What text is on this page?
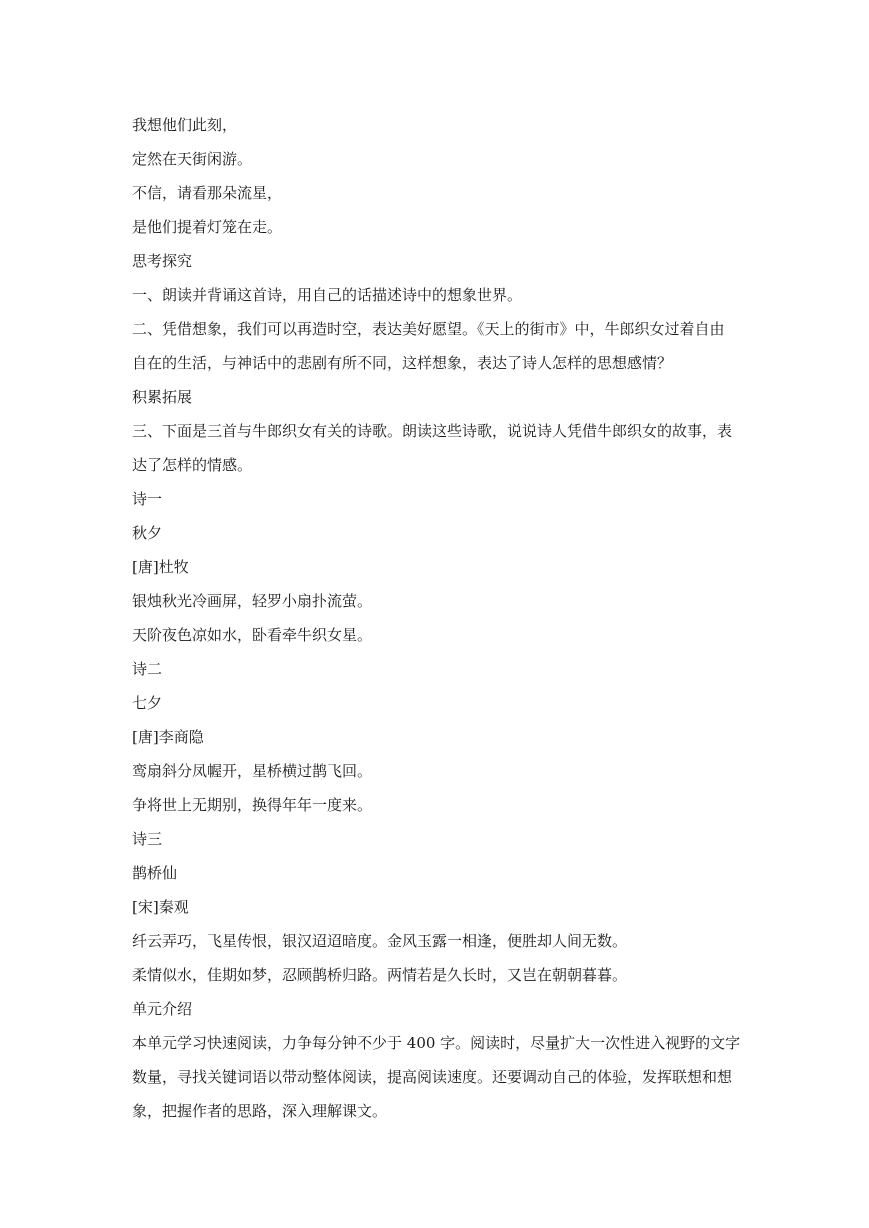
我想他们此刻，

定然在天街闲游。

不信，请看那朵流星，

是他们提着灯笼在走。

思考探究

一、朗读并背诵这首诗，用自己的话描述诗中的想象世界。

二、凭借想象，我们可以再造时空，表达美好愿望。《天上的街市》中，牛郎织女过着自由

自在的生活，与神话中的悲剧有所不同，这样想象，表达了诗人怎样的思想感情？

积累拓展

三、下面是三首与牛郎织女有关的诗歌。朗读这些诗歌，说说诗人凭借牛郎织女的故事，表

达了怎样的情感。

诗一

秋夕

[唐]杜牧

银烛秋光冷画屏，轻罗小扇扑流萤。

天阶夜色凉如水，卧看牵牛织女星。

诗二

七夕

[唐]李商隐

鸾扇斜分凤幄开，星桥横过鹊飞回。

争将世上无期别，换得年年一度来。

诗三

鹊桥仙

[宋]秦观

纤云弄巧，飞星传恨，银汉迢迢暗度。金风玉露一相逢，便胜却人间无数。

柔情似水，佳期如梦，忍顾鹊桥归路。两情若是久长时，又岂在朝朝暮暮。

单元介绍

本单元学习快速阅读，力争每分钟不少于 400 字。阅读时，尽量扩大一次性进入视野的文字

数量，寻找关键词语以带动整体阅读，提高阅读速度。还要调动自己的体验，发挥联想和想

象，把握作者的思路，深入理解课文。
